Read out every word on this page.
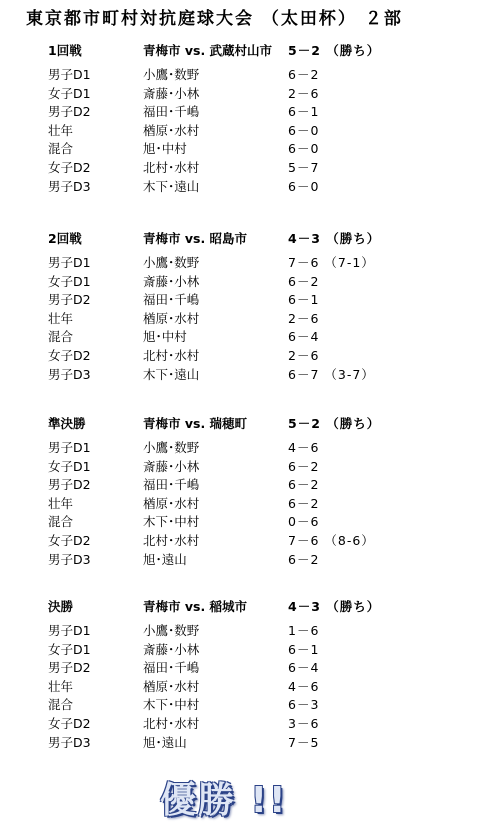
東京都市町村対抗庭球大会 （太田杯） ２部
1回戦	青梅市 vs. 武蔵村山市 5－2 （勝ち）
男子D1	小鷹･数野	6－2
女子D1	斎藤･小林	2－6
男子D2	福田･千嶋	6－1
壮年	楢原･水村	6－0
混合	旭･中村	6－0
女子D2	北村･水村	5－7
男子D3	木下･遠山	6－0
2回戦	青梅市 vs. 昭島市	4－3 （勝ち）
男子D1	小鷹･数野	7－6 （7-1）
女子D1	斎藤･小林	6－2
男子D2	福田･千嶋	6－1
壮年	楢原･水村	2－6
混合	旭･中村	6－4
女子D2	北村･水村	2－6
男子D3	木下･遠山	6－7 （3-7）
準決勝	青梅市 vs. 瑞穂町	5－2 （勝ち）
男子D1	小鷹･数野	4－6
女子D1	斎藤･小林	6－2
男子D2	福田･千嶋	6－2
壮年	楢原･水村	6－2
混合	木下･中村	0－6
女子D2	北村･水村	7－6 （8-6）
男子D3	旭･遠山	6－2
決勝	青梅市 vs. 稲城市	4－3 （勝ち）
男子D1	小鷹･数野	1－6
女子D1	斎藤･小林	6－1
男子D2	福田･千嶋	6－4
壮年	楢原･水村	4－6
混合	木下･中村	6－3
女子D2	北村･水村	3－6
男子D3	旭･遠山	7－5
優勝 !!
